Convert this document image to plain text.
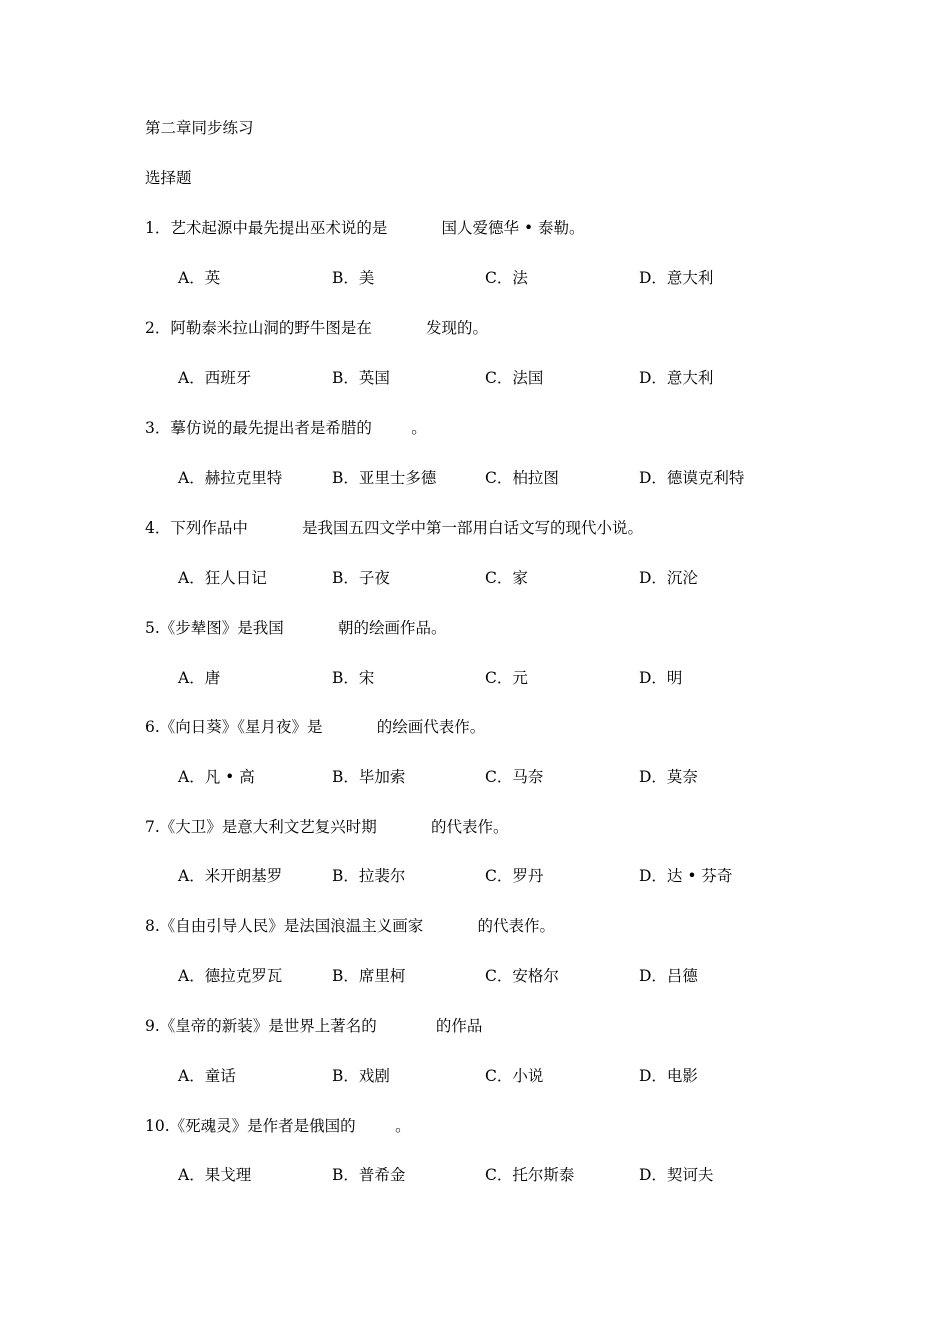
第二章同步练习
选择题
1．艺术起源中最先提出巫术说的是           国人爱德华 • 泰勒。
A．英	B．美	C．法	D．意大利
2．阿勒泰米拉山洞的野牛图是在           发现的。
A．西班牙	B．英国	C．法国	D．意大利
3．摹仿说的最先提出者是希腊的        。
A．赫拉克里特	B．亚里士多德	C．柏拉图	D．德谟克利特
4．下列作品中           是我国五四文学中第一部用白话文写的现代小说。
A．狂人日记	B．子夜	C．家	D．沉沦
5.《步辇图》是我国           朝的绘画作品。
A．唐	B．宋	C．元	D．明
6.《向日葵》《星月夜》是           的绘画代表作。
A．凡 • 高	B．毕加索	C．马奈	D．莫奈
7.《大卫》是意大利文艺复兴时期           的代表作。
A．米开朗基罗	B．拉裴尔	C．罗丹	D．达 • 芬奇
8.《自由引导人民》是法国浪温主义画家           的代表作。
A．德拉克罗瓦	B．席里柯	C．安格尔	D．吕德
9.《皇帝的新装》是世界上著名的            的作品
A．童话	B．戏剧	C．小说	D．电影
10.《死魂灵》是作者是俄国的        。
A．果戈理	B．普希金	C．托尔斯泰	D．契诃夫
